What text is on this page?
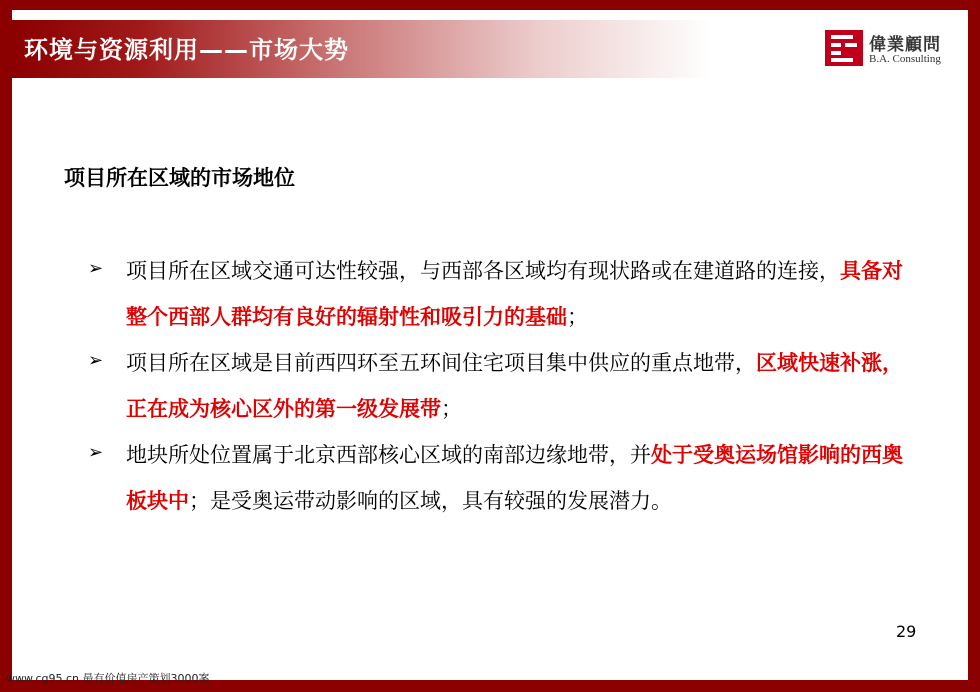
环境与资源利用——市场大势	偉業顧問
B.A. Consulting
项目所在区域的市场地位
➢ 项目所在区域交通可达性较强，与西部各区域均有现状路或在建道路的连接，具备对整个西部人群均有良好的辐射性和吸引力的基础；
➢ 项目所在区域是目前西四环至五环间住宅项目集中供应的重点地带，区域快速补涨，正在成为核心区外的第一级发展带；
➢ 地块所处位置属于北京西部核心区域的南部边缘地带，并处于受奥运场馆影响的西奥板块中；是受奥运带动影响的区域，具有较强的发展潜力。
29
www.cg95.cn 最有价值房产策划3000案
